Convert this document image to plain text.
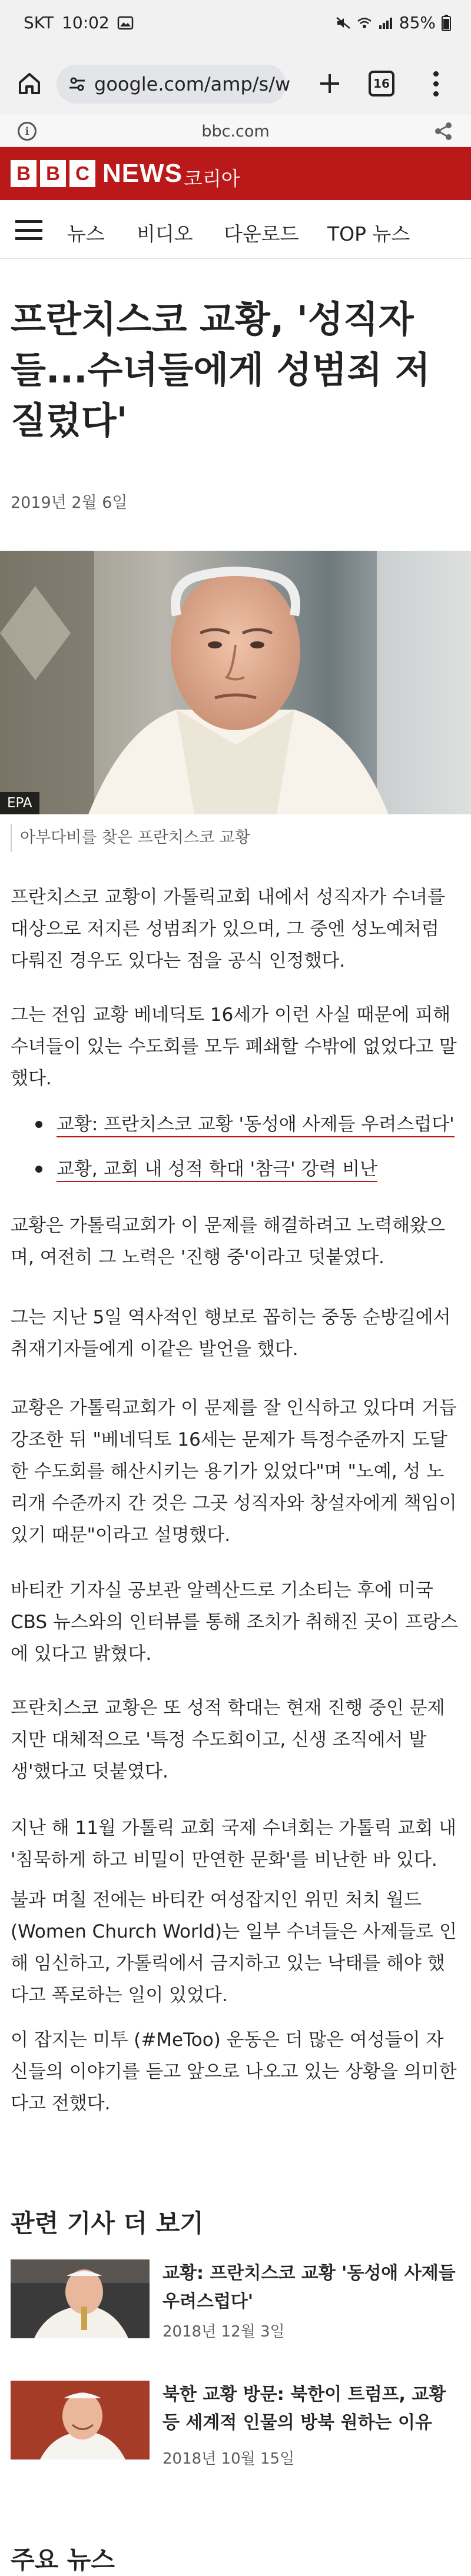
SKT 10:02	85%
google.com/amp/s/w	16
i	bbc.com
B B C NEWS 코리아
뉴스 비디오 다운로드 TOP 뉴스
프란치스코 교황, '성직자들...수녀들에게 성범죄 저질렀다'
2019년 2월 6일
EPA
아부다비를 찾은 프란치스코 교황

프란치스코 교황이 가톨릭교회 내에서 성직자가 수녀를 대상으로 저지른 성범죄가 있으며, 그 중엔 성노예처럼 다뤄진 경우도 있다는 점을 공식 인정했다.

그는 전임 교황 베네딕토 16세가 이런 사실 때문에 피해 수녀들이 있는 수도회를 모두 폐쇄할 수밖에 없었다고 말했다.

교황: 프란치스코 교황 '동성애 사제들 우려스럽다'
교황, 교회 내 성적 학대 '참극' 강력 비난

교황은 가톨릭교회가 이 문제를 해결하려고 노력해왔으며, 여전히 그 노력은 '진행 중'이라고 덧붙였다.

그는 지난 5일 역사적인 행보로 꼽히는 중동 순방길에서 취재기자들에게 이같은 발언을 했다.

교황은 가톨릭교회가 이 문제를 잘 인식하고 있다며 거듭 강조한 뒤 "베네딕토 16세는 문제가 특정수준까지 도달한 수도회를 해산시키는 용기가 있었다"며 "노예, 성 노리개 수준까지 간 것은 그곳 성직자와 창설자에게 책임이 있기 때문"이라고 설명했다.

바티칸 기자실 공보관 알렉산드로 기소티는 후에 미국 CBS 뉴스와의 인터뷰를 통해 조치가 취해진 곳이 프랑스에 있다고 밝혔다.

프란치스코 교황은 또 성적 학대는 현재 진행 중인 문제지만 대체적으로 '특정 수도회이고, 신생 조직에서 발생'했다고 덧붙였다.

지난 해 11월 가톨릭 교회 국제 수녀회는 가톨릭 교회 내 '침묵하게 하고 비밀이 만연한 문화'를 비난한 바 있다.

불과 며칠 전에는 바티칸 여성잡지인 위민 처치 월드(Women Church World)는 일부 수녀들은 사제들로 인해 임신하고, 가톨릭에서 금지하고 있는 낙태를 해야 했다고 폭로하는 일이 있었다.

이 잡지는 미투 (#MeToo) 운동은 더 많은 여성들이 자신들의 이야기를 듣고 앞으로 나오고 있는 상황을 의미한다고 전했다.

관련 기사 더 보기
교황: 프란치스코 교황 '동성애 사제들 우려스럽다'
2018년 12월 3일
북한 교황 방문: 북한이 트럼프, 교황 등 세계적 인물의 방북 원하는 이유
2018년 10월 15일
주요 뉴스
